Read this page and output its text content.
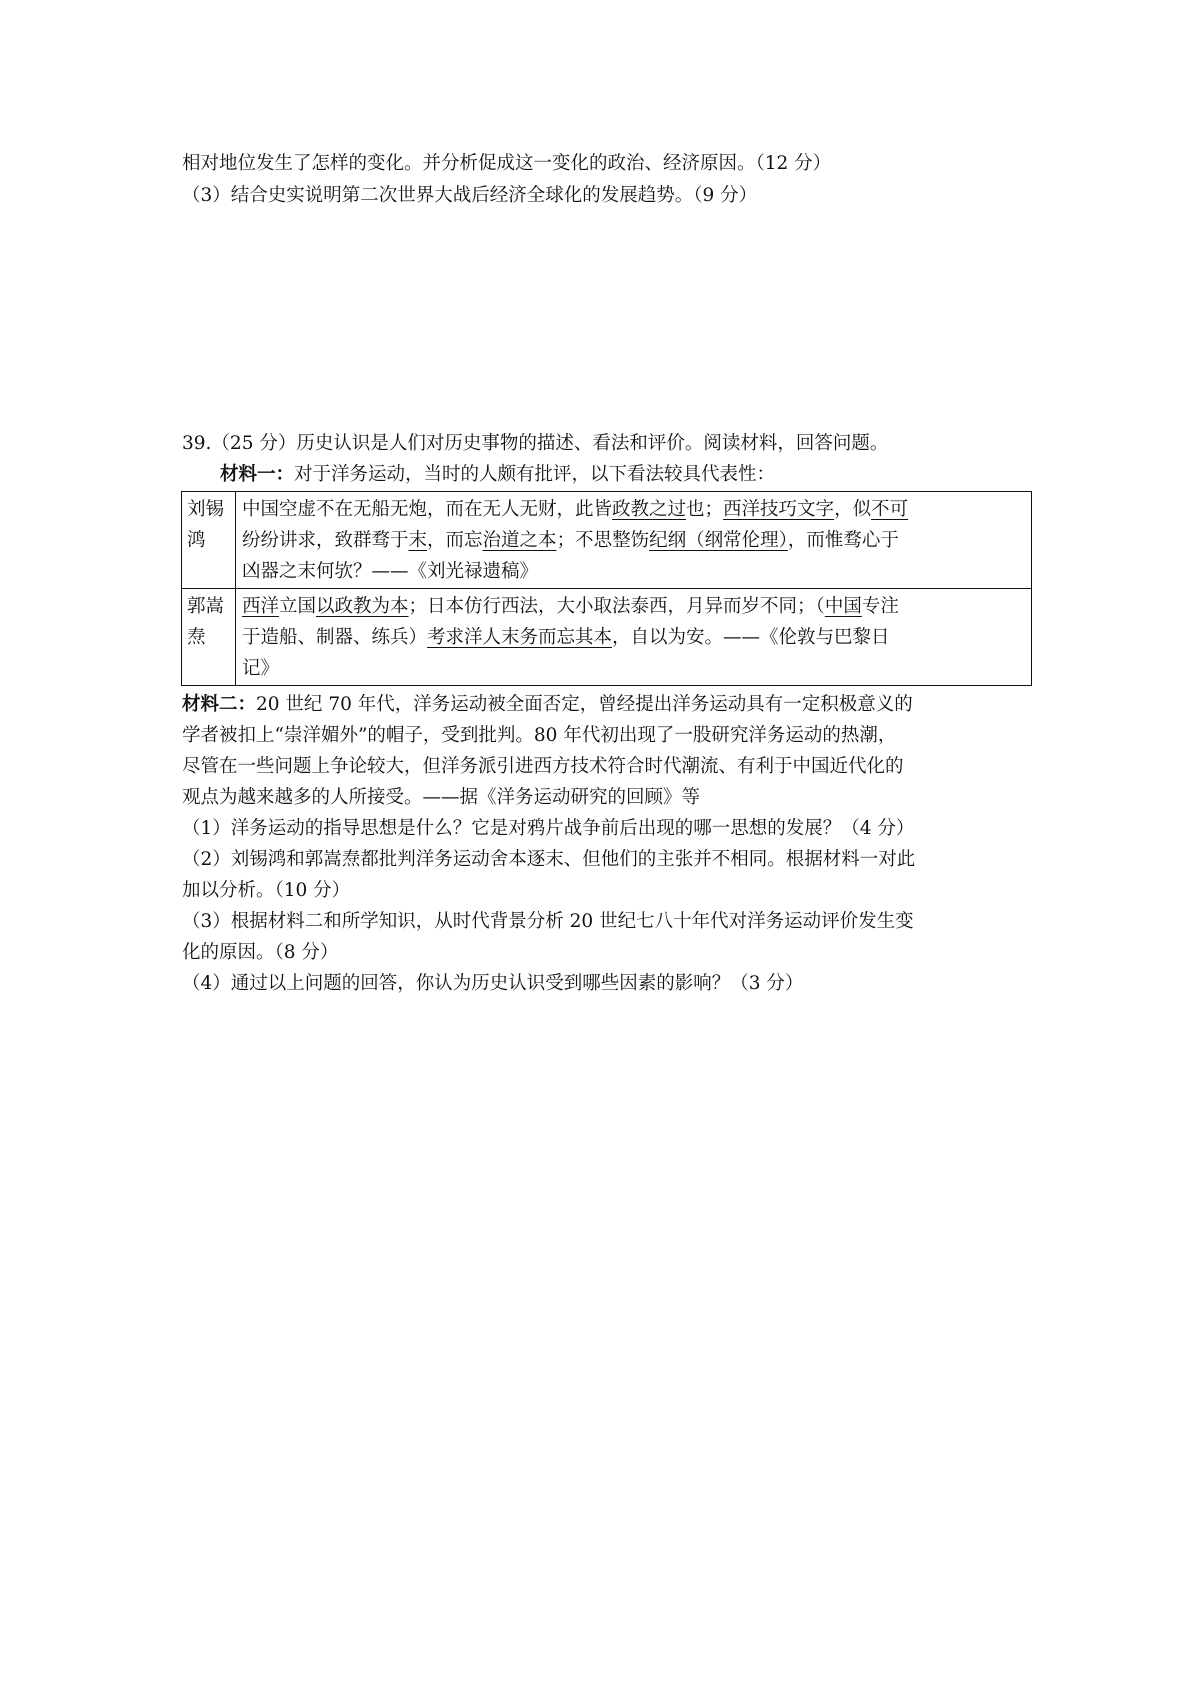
相对地位发生了怎样的变化。并分析促成这一变化的政治、经济原因。（12 分）
（3）结合史实说明第二次世界大战后经济全球化的发展趋势。（9 分）
39.（25 分）历史认识是人们对历史事物的描述、看法和评价。阅读材料，回答问题。
材料一：对于洋务运动，当时的人颇有批评，以下看法较具代表性：
刘锡鸿	中国空虚不在无船无炮，而在无人无财，此皆政教之过也；西洋技巧文字，似不可
纷纷讲求，致群骛于末，而忘治道之本；不思整饬纪纲（纲常伦理），而惟骛心于
凶器之末何欤？——《刘光禄遗稿》

郭嵩焘	西洋立国以政教为本；日本仿行西法，大小取法泰西，月异而岁不同；（中国专注
于造船、制器、练兵）考求洋人末务而忘其本，自以为安。——《伦敦与巴黎日
记》
材料二：20 世纪 70 年代，洋务运动被全面否定，曾经提出洋务运动具有一定积极意义的
学者被扣上“崇洋媚外”的帽子，受到批判。80 年代初出现了一股研究洋务运动的热潮，
尽管在一些问题上争论较大，但洋务派引进西方技术符合时代潮流、有利于中国近代化的
观点为越来越多的人所接受。——据《洋务运动研究的回顾》等
（1）洋务运动的指导思想是什么？它是对鸦片战争前后出现的哪一思想的发展？（4 分）
（2）刘锡鸿和郭嵩焘都批判洋务运动舍本逐末、但他们的主张并不相同。根据材料一对此
加以分析。（10 分）
（3）根据材料二和所学知识，从时代背景分析 20 世纪七八十年代对洋务运动评价发生变
化的原因。（8 分）
（4）通过以上问题的回答，你认为历史认识受到哪些因素的影响？（3 分）
